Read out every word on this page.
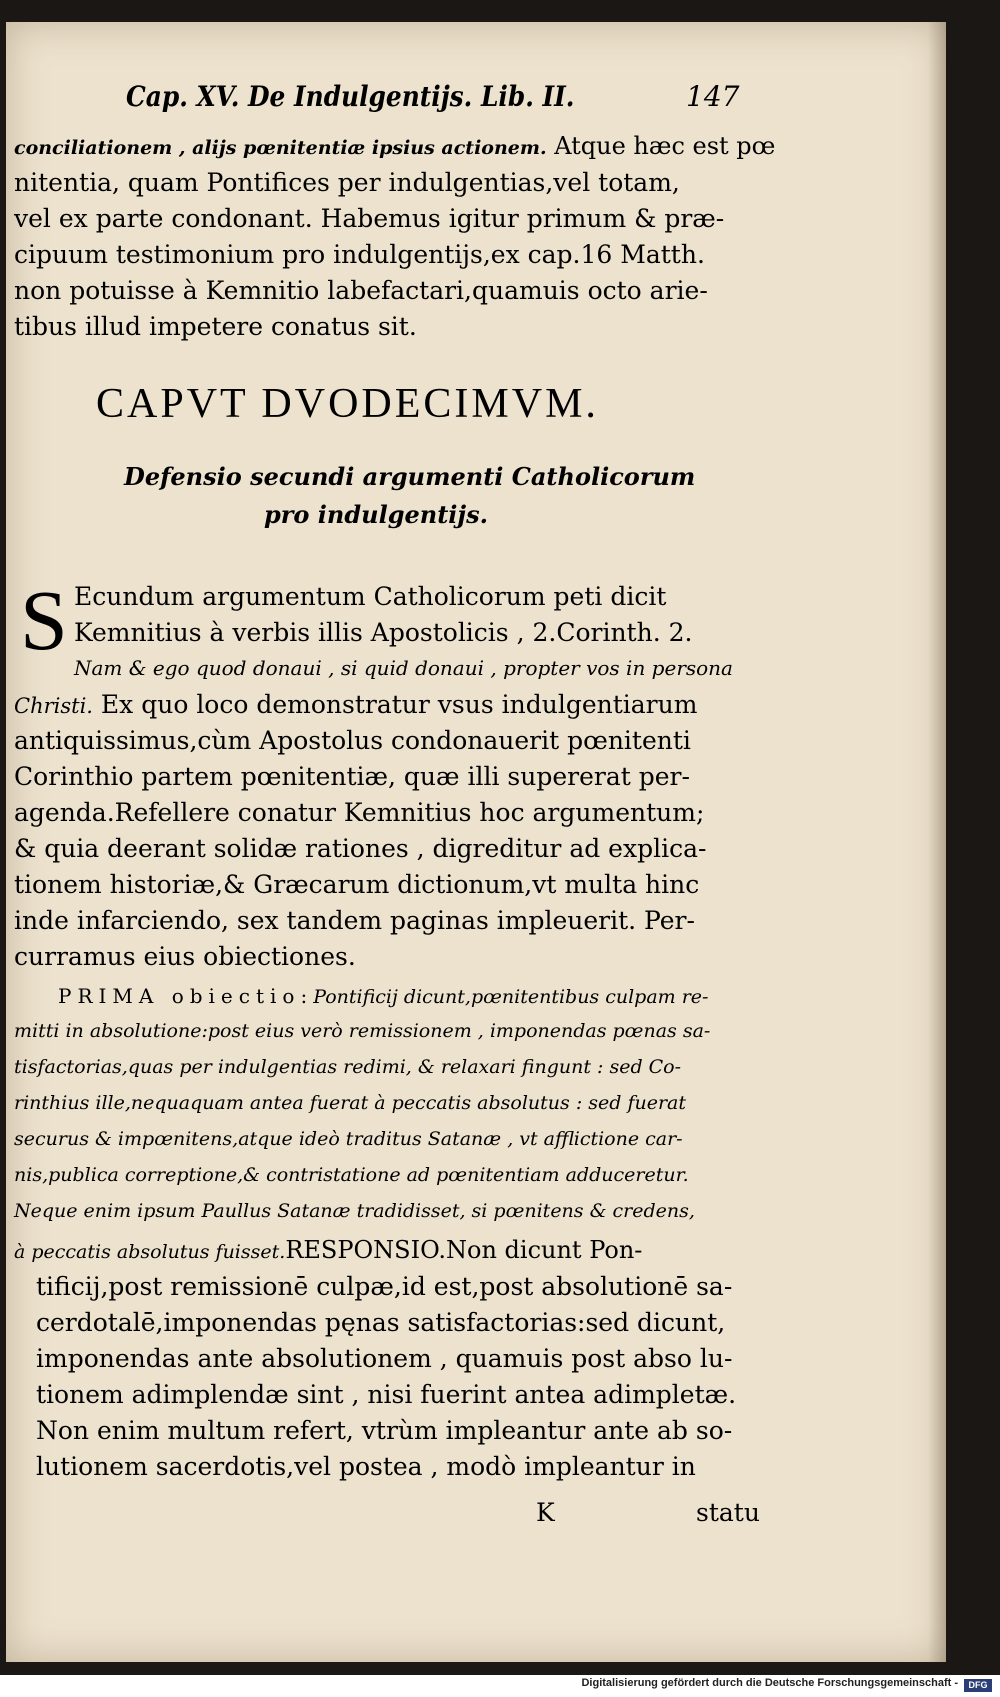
Cap. XV. De Indulgentijs. Lib. II.	147
conciliationem , alijs pœnitentiæ ipsius actionem. Atque hæc est pœ
nitentia, quam Pontifices per indulgentias,vel totam,
vel ex parte condonant. Habemus igitur primum & præ-
cipuum testimonium pro indulgentijs,ex cap.16 Matth.
non potuisse à Kemnitio labefactari,quamuis octo arie-
tibus illud impetere conatus sit.
CAPVT DVODECIMVM.
Defensio secundi argumenti Catholicorum
pro indulgentijs.
S Ecundum argumentum Catholicorum peti dicit
Kemnitius à verbis illis Apostolicis , 2.Corinth. 2.
Nam & ego quod donaui , si quid donaui , propter vos in persona
Christi. Ex quo loco demonstratur vsus indulgentiarum
antiquissimus,cùm Apostolus condonauerit pœnitenti
Corinthio partem pœnitentiæ, quæ illi supererat per-
agenda.Refellere conatur Kemnitius hoc argumentum;
& quia deerant solidæ rationes , digreditur ad explica-
tionem historiæ,& Græcarum dictionum,vt multa hinc
inde infarciendo, sex tandem paginas impleuerit. Per-
curramus eius obiectiones.
PRIMA obiectio:Pontificij dicunt,pœnitentibus culpam re-
mitti in absolutione:post eius verò remissionem , imponendas pœnas sa-
tisfactorias,quas per indulgentias redimi, & relaxari fingunt : sed Co-
rinthius ille,nequaquam antea fuerat à peccatis absolutus : sed fuerat
securus & impœnitens,atque ideò traditus Satanæ , vt afflictione car-
nis,publica correptione,& contristatione ad pœnitentiam adduceretur.
Neque enim ipsum Paullus Satanæ tradidisset, si pœnitens & credens,
à peccatis absolutus fuisset.RESPONSIO.Non dicunt Pon-
tificij,post remissionē culpæ,id est,post absolutionē sa-
cerdotalē,imponendas pęnas satisfactorias:sed dicunt,
imponendas ante absolutionem , quamuis post abso lu-
tionem adimplendæ sint , nisi fuerint antea adimpletæ.
Non enim multum refert, vtrùm impleantur ante ab so-
lutionem sacerdotis,vel postea , modò impleantur in
K	statu
Digitalisierung gefördert durch die Deutsche Forschungsgemeinschaft -	DFG
